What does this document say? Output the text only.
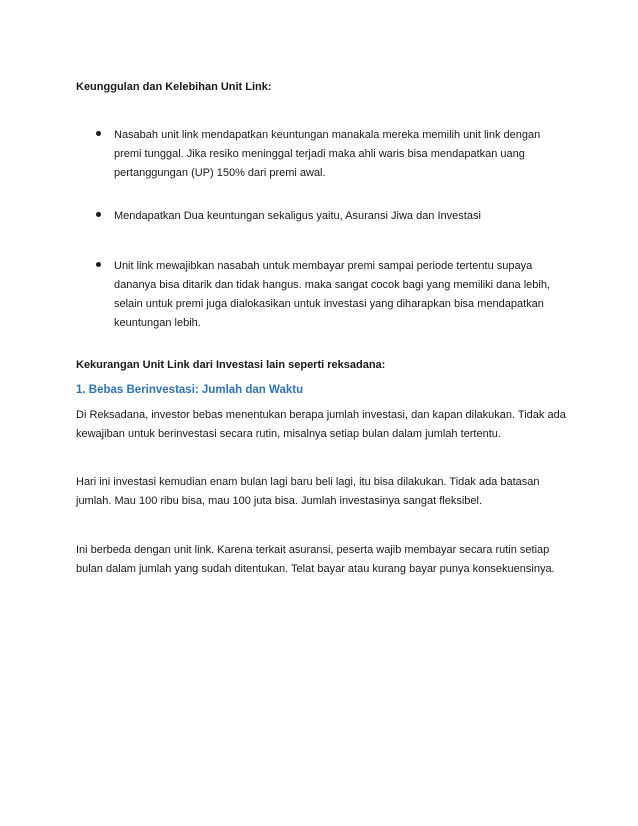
Keunggulan dan Kelebihan Unit Link:
Nasabah unit link mendapatkan keuntungan manakala mereka memilih unit link dengan premi tunggal. Jika resiko meninggal terjadi maka ahli waris bisa mendapatkan uang pertanggungan (UP) 150% dari premi awal.
Mendapatkan Dua keuntungan sekaligus yaitu, Asuransi Jiwa dan Investasi
Unit link mewajibkan nasabah untuk membayar premi sampai periode tertentu supaya dananya bisa ditarik dan tidak hangus. maka sangat cocok bagi yang memiliki dana lebih, selain untuk premi juga dialokasikan untuk investasi yang diharapkan bisa mendapatkan keuntungan lebih.
Kekurangan Unit Link dari Investasi lain seperti reksadana:
1. Bebas Berinvestasi: Jumlah dan Waktu
Di Reksadana, investor bebas menentukan berapa jumlah investasi, dan kapan dilakukan. Tidak ada kewajiban untuk berinvestasi secara rutin, misalnya setiap bulan dalam jumlah tertentu.
Hari ini investasi kemudian enam bulan lagi baru beli lagi, itu bisa dilakukan. Tidak ada batasan jumlah. Mau 100 ribu bisa, mau 100 juta bisa. Jumlah investasinya sangat fleksibel.
Ini berbeda dengan unit link. Karena terkait asuransi, peserta wajib membayar secara rutin setiap bulan dalam jumlah yang sudah ditentukan. Telat bayar atau kurang bayar punya konsekuensinya.
